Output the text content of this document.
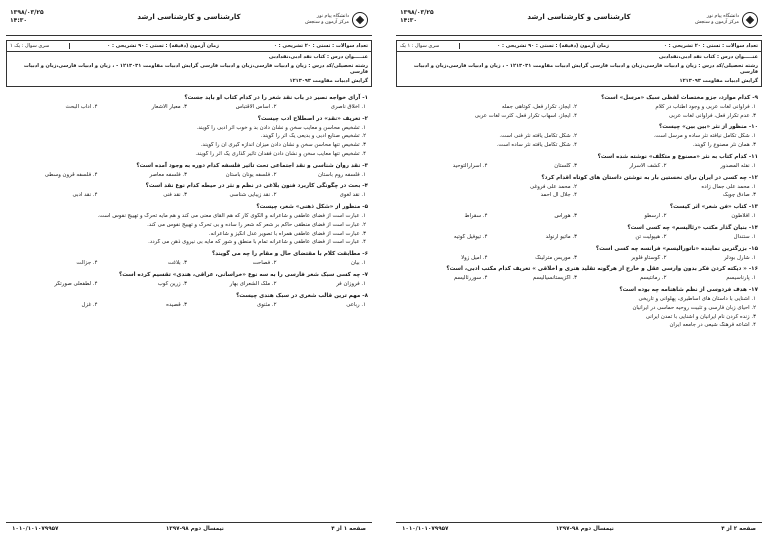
دانشگاه پیام نور
مرکز آزمون و سنجش
کارشناسی و کارشناسی ارشد
۱۳۹۸/۰۳/۲۵
۱۴:۳۰
تعداد سوالات : تستی : ۲۰ تشریحی : ۰
زمان آزمون (دقیقه) : تستی : ۹۰ تشریحی : ۰
سری سوال : یک ۱
عنـــــوان درس : کتاب نقد ادبی،نقدادبی
رشته تحصیلی/کد درس : زبان و ادبیات فارسی،زبان و ادبیات فارسی گرایش ادبیات مقاومت ۱۲۱۳۰۳۱ - ، زبان و ادبیات فارسی،زبان و ادبیات فارسی
گرایش ادبیات مقاومت ۱۲۱۳۰۹۳
۱- آرای خواجه نصیر در باب نقد شعر را در کدام کتاب او باید جست؟
۱. اخلاق ناصری
۲. اساس الاقتباس
۳. معیار الاشعار
۴. آداب البحث
۲- تعریف «نقد» در اصطلاح ادب چیست؟
۱. تشخیص محاسن و معایب سخن و نشان دادن بد و خوب اثر ادبی را گویند.
۲. تشخیص صنایع ادبی و بدیعی یک اثر را گویند.
۳. تشخیص تنها محاسن سخن و نشان دادن میزان اندازه گیری آن را گویند.
۴. تشخیص تنها معایب سخن و نشان دادن فقدان تاثیر گذاری یک اثر را گویند.
۳- نقد روان شناسی و نقد اجتماعی تحت تاثیر فلسفه کدام دوره به وجود آمده است؟
۱. فلسفه روم باستان
۲. فلسفه یونان باستان
۳. فلسفه معاصر
۴. فلسفه قرون وسطی
۴- بحث در چگونگی کاربرد فنون بلاغی در نظم و نثر در حیطه کدام نوع نقد است؟
۱. نقد لغوی
۲. نقد زیبایی شناسی
۳. نقد فنی
۴. نقد ادبی
۵- منظور از «شکل ذهنی» شعر، چیست؟
۱. عبارت است از فضای عاطفی و شاعرانه و الگوی کار که هم القای معنی می کند و هم مایه تحرک و تهییج نفوس است.
۲. عبارت است از فضای منطقی حاکم بر شعر که شعر را ساده و بی تحرک و تهییج نفوس می کند.
۳. عبارت است از فضای عاطفی همراه با تصویر عدل انگیز و شاعرانه.
۴. عبارت است از فضای عاطفی و شاعرانه تمام با منطق و شور که مایه بی نیروی ذهن می گردد.
۶- مطابقت کلام با مقتضای حال و مقام را چه می گویند؟
۱. بیان
۲. فصاحت
۳. بلاغت
۴. جزالت
۷- چه کسی سبک شعر فارسی را به سه نوع «خراسانی، عراقی، هندی» تقسیم کرده است؟
۱. فروزان فر
۲. ملک الشعرای بهار
۳. زرین کوب
۴. لطفعلی صورتگر
۸- مهم ترین قالب شعری در سبک هندی چیست؟
۱. رباعی
۲. مثنوی
۳. قصیده
۴. غزل
صفحه ۱ از ۴
نیمسال دوم ۹۸-۱۳۹۷
۱۰۱۰/۱۰۱۰۷۹۹۵۷
دانشگاه پیام نور
مرکز آزمون و سنجش
کارشناسی و کارشناسی ارشد
۱۳۹۸/۰۳/۲۵
۱۴:۳۰
تعداد سوالات : تستی : ۲۰ تشریحی : ۰
زمان آزمون (دقیقه) : تستی : ۹۰ تشریحی : ۰
سری سوال : ۱ یک
عنـــــوان درس : کتاب نقد ادبی،نقدادبی
رشته تحصیلی/کد درس : زبان و ادبیات فارسی،زبان و ادبیات فارسی گرایش ادبیات مقاومت ۱۲۱۳۰۳۱ - ، زبان و ادبیات فارسی،زبان و ادبیات فارسی
گرایش ادبیات مقاومت ۱۲۱۳۰۹۳
۹- کدام موارد، جزو مختصات لفظی سبک «مرسل» است؟
۱. فراوانی لغات عربی و وجود اطناب در کلام
۲. ایجاز، تکرار فعل، کوتاهی جمله
۳. عدم تکرار فعل، فراوانی لغات عربی
۴. ایجاز، اسهاب تکرار فعل، کثرت لغات عربی
۱۰- منظور از نثر «بین بین» چیست؟
۱. شکل تکامل نیافته نثر ساده و مرسل است.
۲. شکل تکامل یافته نثر فنی است.
۳. همان نثر مصنوع را گویند.
۴. شکل تکامل یافته نثر ساده است.
۱۱- کدام کتاب به نثر «مصنوع و متکلف» نوشته شده است؟
۱. نفثه المصدور
۲. کشف الاسرار
۳. گلستان
۴. اسرارالتوحید
۱۲- چه کسی در ایران برای نخستین بار به نوشتن داستان های کوتاه اقدام کرد؟
۱. محمد علی جمال زاده
۲. محمد علی فروغی
۳. صادق چوبک
۴. جلال آل احمد
۱۳- کتاب «فن شعر» اثر کیست؟
۱. افلاطون
۲. ارسطو
۳. هوراس
۴. سقراط
۱۴- بنیان گذار مکتب «رئالیسم» چه کسی است؟
۱. ستندال
۲. هیپولیت تن
۳. ماتیو آرنولد
۴. تیوفیل گوتیه
۱۵- بزرگترین نماینده «ناتورالیسم» فرانسه چه کسی است؟
۱. شارل بودلر
۲. گوستاو فلوبر
۳. موریس مترلینگ
۴. امیل زولا
۱۶- « دیکته کردن فکر بدون وارسی عقل و خارج از هرگونه تقلید هنری و اخلاقی » تعریف کدام مکتب ادبی، است؟
۱. پارناسیسم
۲. رمانتیسم
۳. اگزیستانسیالیسم
۴. سوررئالیسم
۱۷- هدف فردوسی از نظم شاهنامه چه بوده است؟
۱. آشنایی با داستان های اساطیری، پهلوانی و تاریخی
۲. احیای زبان فارسی و تثبیت روحیه حماسی در ایرانیان
۳. زنده کردن نام ایرانیان و آشنایی با تمدن ایرانی
۴. اشاعه فرهنگ شیعی در جامعه ایران
صفحه ۲ از ۴
نیمسال دوم ۹۸-۱۳۹۷
۱۰۱۰/۱۰۱۰۷۹۹۵۷
